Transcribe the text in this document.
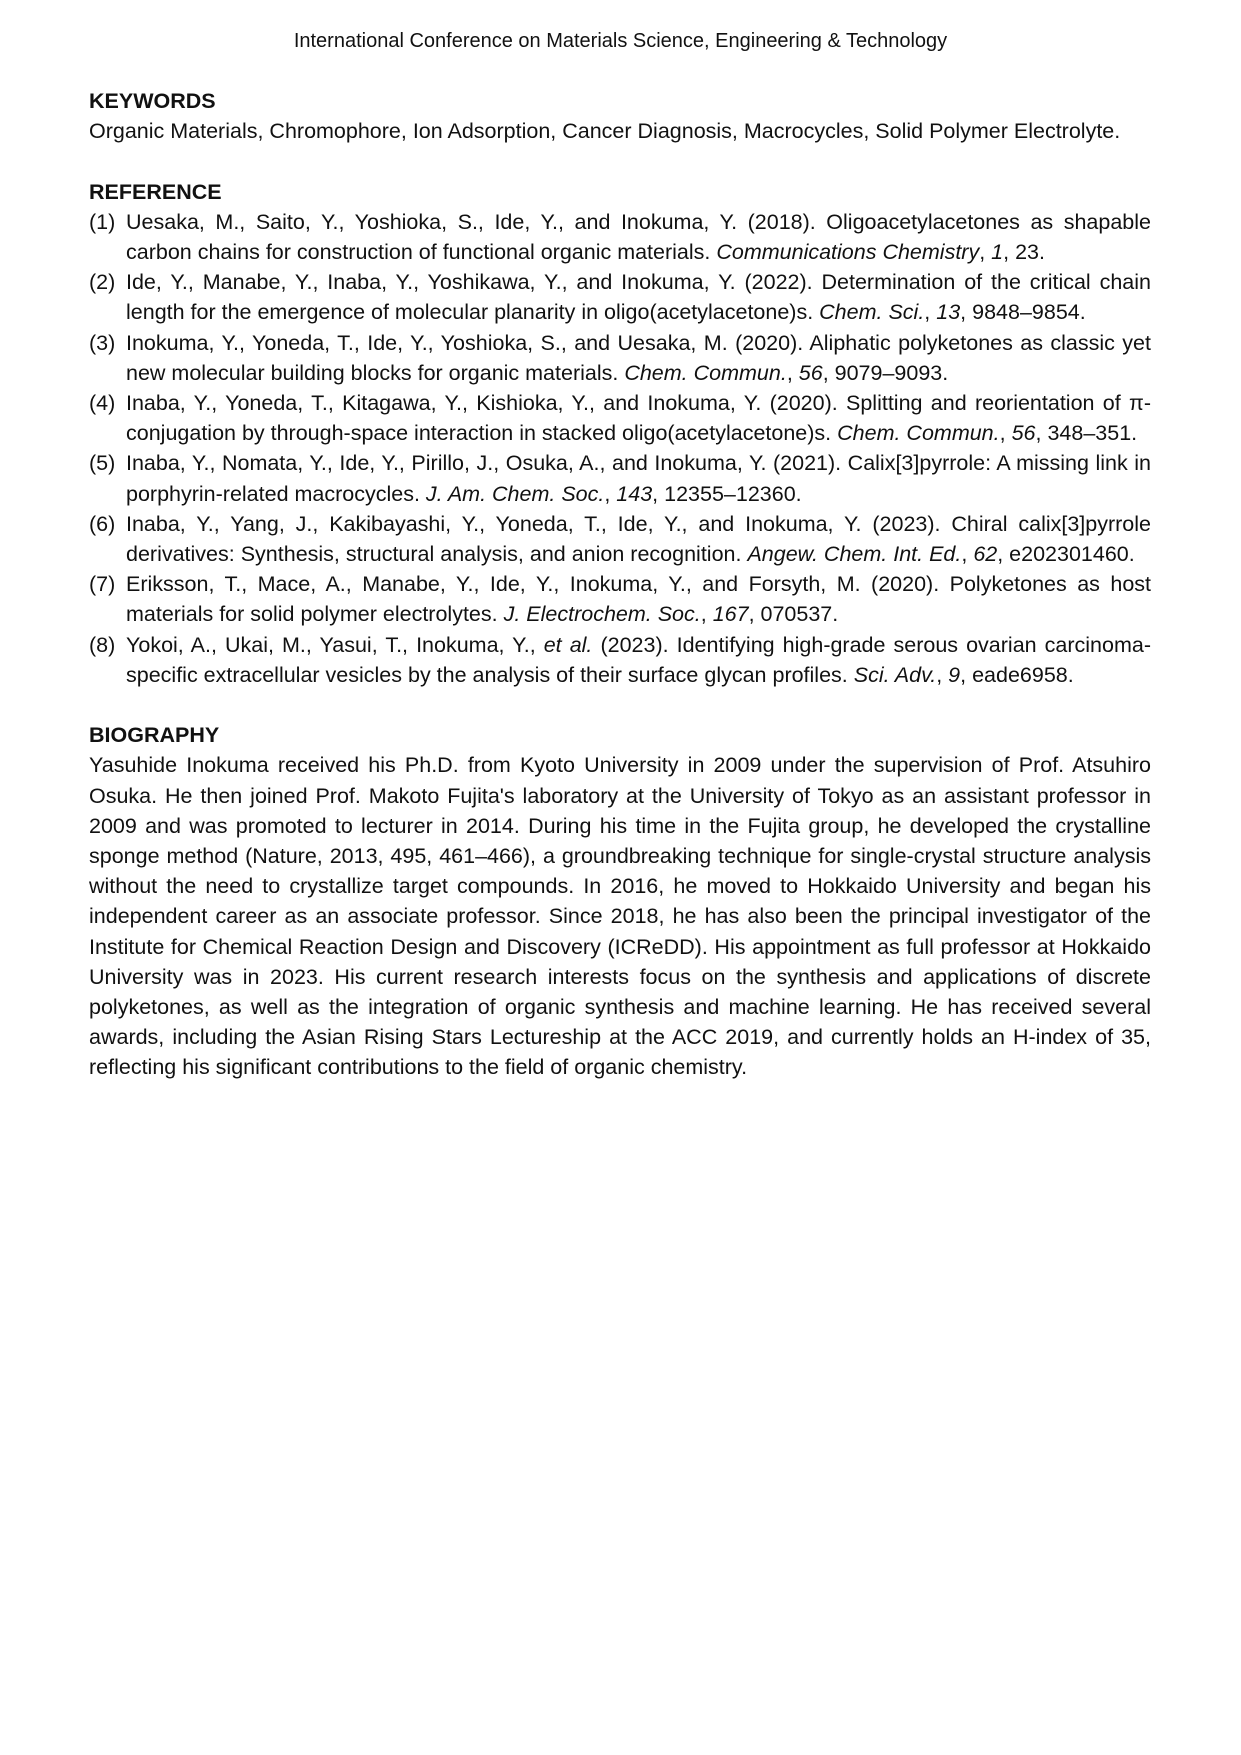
International Conference on Materials Science, Engineering & Technology
KEYWORDS
Organic Materials, Chromophore, Ion Adsorption, Cancer Diagnosis, Macrocycles, Solid Polymer Electrolyte.
REFERENCE
(1) Uesaka, M., Saito, Y., Yoshioka, S., Ide, Y., and Inokuma, Y. (2018). Oligoacetylacetones as shapable carbon chains for construction of functional organic materials. Communications Chemistry, 1, 23.
(2) Ide, Y., Manabe, Y., Inaba, Y., Yoshikawa, Y., and Inokuma, Y. (2022). Determination of the critical chain length for the emergence of molecular planarity in oligo(acetylacetone)s. Chem. Sci., 13, 9848–9854.
(3) Inokuma, Y., Yoneda, T., Ide, Y., Yoshioka, S., and Uesaka, M. (2020). Aliphatic polyketones as classic yet new molecular building blocks for organic materials. Chem. Commun., 56, 9079–9093.
(4) Inaba, Y., Yoneda, T., Kitagawa, Y., Kishioka, Y., and Inokuma, Y. (2020). Splitting and reorientation of π-conjugation by through-space interaction in stacked oligo(acetylacetone)s. Chem. Commun., 56, 348–351.
(5) Inaba, Y., Nomata, Y., Ide, Y., Pirillo, J., Osuka, A., and Inokuma, Y. (2021). Calix[3]pyrrole: A missing link in porphyrin-related macrocycles. J. Am. Chem. Soc., 143, 12355–12360.
(6) Inaba, Y., Yang, J., Kakibayashi, Y., Yoneda, T., Ide, Y., and Inokuma, Y. (2023). Chiral calix[3]pyrrole derivatives: Synthesis, structural analysis, and anion recognition. Angew. Chem. Int. Ed., 62, e202301460.
(7) Eriksson, T., Mace, A., Manabe, Y., Ide, Y., Inokuma, Y., and Forsyth, M. (2020). Polyketones as host materials for solid polymer electrolytes. J. Electrochem. Soc., 167, 070537.
(8) Yokoi, A., Ukai, M., Yasui, T., Inokuma, Y., et al. (2023). Identifying high-grade serous ovarian carcinoma-specific extracellular vesicles by the analysis of their surface glycan profiles. Sci. Adv., 9, eade6958.
BIOGRAPHY
Yasuhide Inokuma received his Ph.D. from Kyoto University in 2009 under the supervision of Prof. Atsuhiro Osuka. He then joined Prof. Makoto Fujita's laboratory at the University of Tokyo as an assistant professor in 2009 and was promoted to lecturer in 2014. During his time in the Fujita group, he developed the crystalline sponge method (Nature, 2013, 495, 461–466), a groundbreaking technique for single-crystal structure analysis without the need to crystallize target compounds. In 2016, he moved to Hokkaido University and began his independent career as an associate professor. Since 2018, he has also been the principal investigator of the Institute for Chemical Reaction Design and Discovery (ICReDD). His appointment as full professor at Hokkaido University was in 2023. His current research interests focus on the synthesis and applications of discrete polyketones, as well as the integration of organic synthesis and machine learning. He has received several awards, including the Asian Rising Stars Lectureship at the ACC 2019, and currently holds an H-index of 35, reflecting his significant contributions to the field of organic chemistry.
